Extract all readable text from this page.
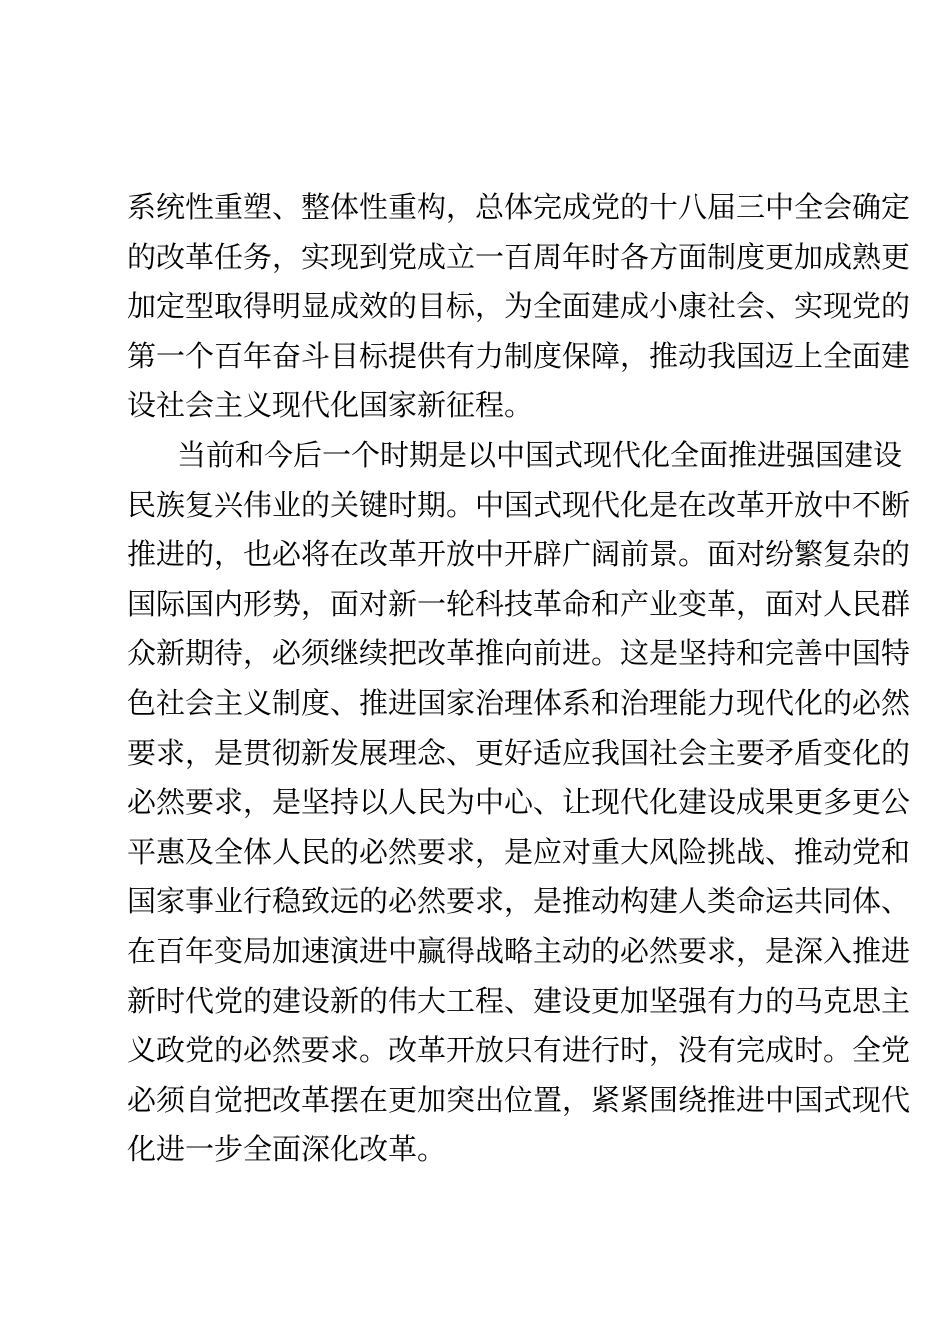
系统性重塑、整体性重构，总体完成党的十八届三中全会确定
的改革任务，实现到党成立一百周年时各方面制度更加成熟更
加定型取得明显成效的目标，为全面建成小康社会、实现党的
第一个百年奋斗目标提供有力制度保障，推动我国迈上全面建
设社会主义现代化国家新征程。
当前和今后一个时期是以中国式现代化全面推进强国建设
民族复兴伟业的关键时期。中国式现代化是在改革开放中不断
推进的，也必将在改革开放中开辟广阔前景。面对纷繁复杂的
国际国内形势，面对新一轮科技革命和产业变革，面对人民群
众新期待，必须继续把改革推向前进。这是坚持和完善中国特
色社会主义制度、推进国家治理体系和治理能力现代化的必然
要求，是贯彻新发展理念、更好适应我国社会主要矛盾变化的
必然要求，是坚持以人民为中心、让现代化建设成果更多更公
平惠及全体人民的必然要求，是应对重大风险挑战、推动党和
国家事业行稳致远的必然要求，是推动构建人类命运共同体、
在百年变局加速演进中赢得战略主动的必然要求，是深入推进
新时代党的建设新的伟大工程、建设更加坚强有力的马克思主
义政党的必然要求。改革开放只有进行时，没有完成时。全党
必须自觉把改革摆在更加突出位置，紧紧围绕推进中国式现代
化进一步全面深化改革。
